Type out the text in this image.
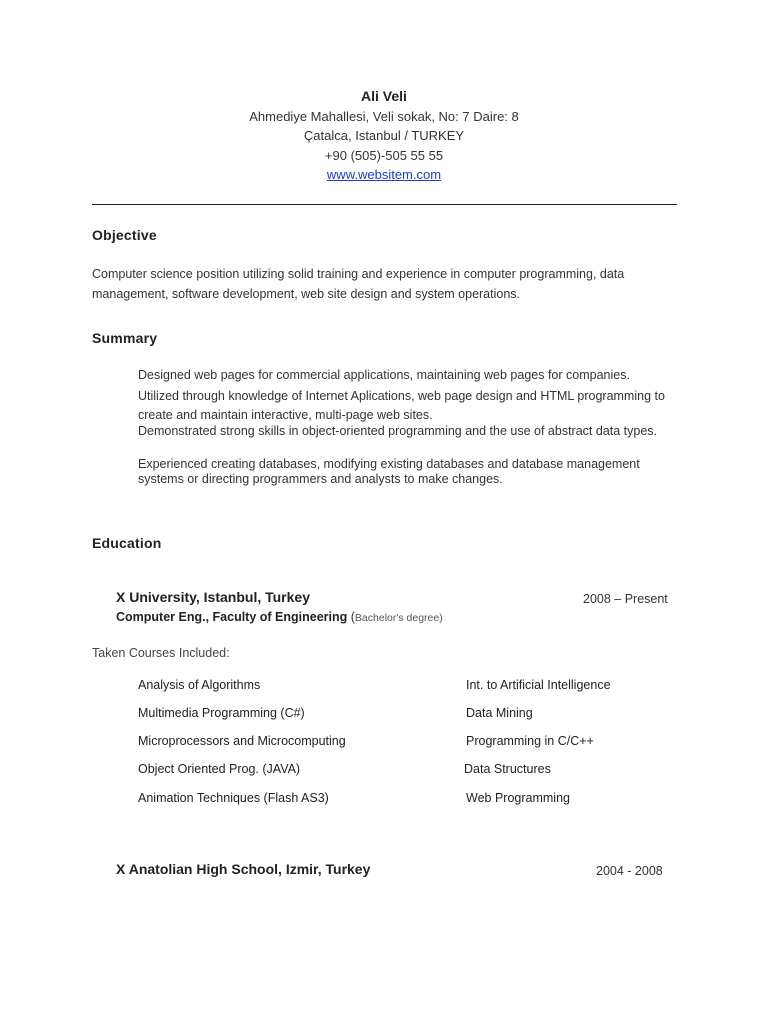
Ali Veli
Ahmediye Mahallesi, Veli sokak, No: 7 Daire: 8
Çatalca, Istanbul / TURKEY
+90 (505)-505 55 55
www.websitem.com
Objective
Computer science position utilizing solid training and experience in computer programming, data management, software development, web site design and system operations.
Summary
Designed web pages for commercial applications, maintaining web pages for companies.
Utilized through knowledge of Internet Aplications, web page design and HTML programming to create and maintain interactive, multi-page web sites.
Demonstrated strong skills in object-oriented programming and the use of abstract data types.
Experienced creating databases, modifying existing databases and database management systems or directing programmers and analysts to make changes.
Education
X University, Istanbul, Turkey	2008 – Present
Computer Eng., Faculty of Engineering (Bachelor's degree)
Taken Courses Included:
Analysis of Algorithms
Multimedia Programming (C#)
Microprocessors and Microcomputing
Object Oriented Prog. (JAVA)
Animation Techniques (Flash AS3)
Int. to Artificial Intelligence
Data Mining
Programming in C/C++
Data Structures
Web Programming
X Anatolian High School, Izmir, Turkey	2004 - 2008
